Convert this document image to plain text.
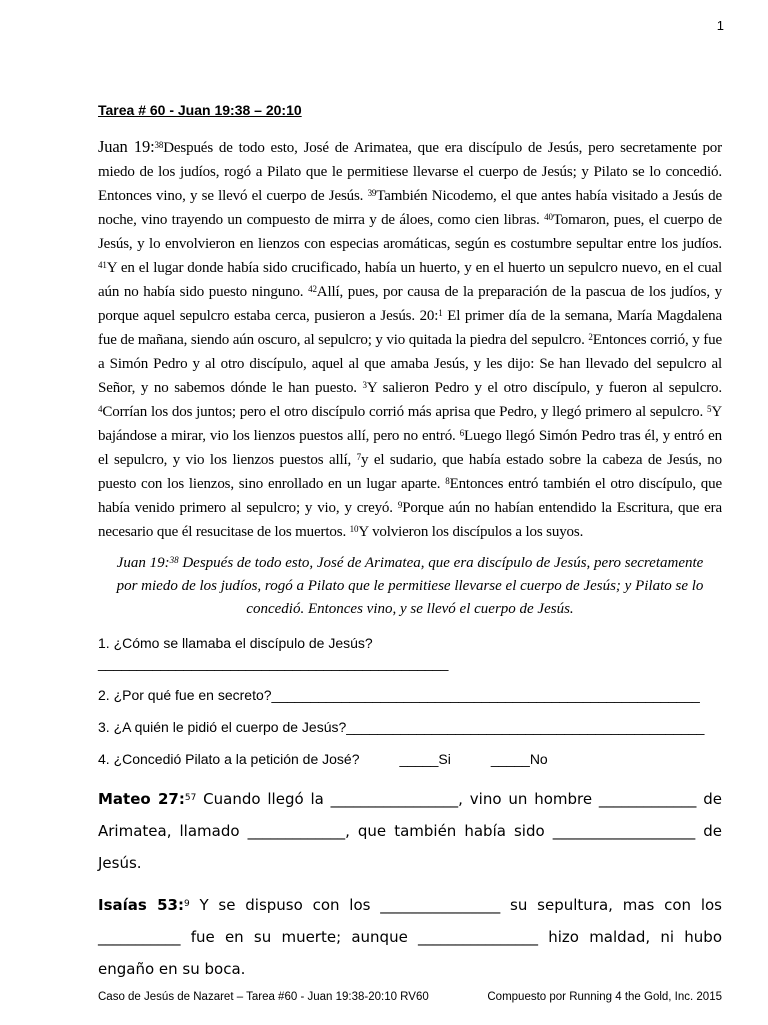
1
Tarea # 60 - Juan 19:38 – 20:10
Juan 19:$^{38}$Después de todo esto, José de Arimatea, que era discípulo de Jesús, pero secretamente por miedo de los judíos, rogó a Pilato que le permitiese llevarse el cuerpo de Jesús; y Pilato se lo concedió. Entonces vino, y se llevó el cuerpo de Jesús. $^{39}$También Nicodemo, el que antes había visitado a Jesús de noche, vino trayendo un compuesto de mirra y de áloes, como cien libras. $^{40}$Tomaron, pues, el cuerpo de Jesús, y lo envolvieron en lienzos con especias aromáticas, según es costumbre sepultar entre los judíos. $^{41}$Y en el lugar donde había sido crucificado, había un huerto, y en el huerto un sepulcro nuevo, en el cual aún no había sido puesto ninguno. $^{42}$Allí, pues, por causa de la preparación de la pascua de los judíos, y porque aquel sepulcro estaba cerca, pusieron a Jesús. 20:$^1$ El primer día de la semana, María Magdalena fue de mañana, siendo aún oscuro, al sepulcro; y vio quitada la piedra del sepulcro. $^2$Entonces corrió, y fue a Simón Pedro y al otro discípulo, aquel al que amaba Jesús, y les dijo: Se han llevado del sepulcro al Señor, y no sabemos dónde le han puesto. $^3$Y salieron Pedro y el otro discípulo, y fueron al sepulcro. $^4$Corrían los dos juntos; pero el otro discípulo corrió más aprisa que Pedro, y llegó primero al sepulcro. $^5$Y bajándose a mirar, vio los lienzos puestos allí, pero no entró. $^6$Luego llegó Simón Pedro tras él, y entró en el sepulcro, y vio los lienzos puestos allí, $^7$y el sudario, que había estado sobre la cabeza de Jesús, no puesto con los lienzos, sino enrollado en un lugar aparte. $^8$Entonces entró también el otro discípulo, que había venido primero al sepulcro; y vio, y creyó. $^9$Porque aún no habían entendido la Escritura, que era necesario que él resucitase de los muertos. $^{10}$Y volvieron los discípulos a los suyos.
Juan 19:$^{38}$ Después de todo esto, José de Arimatea, que era discípulo de Jesús, pero secretamente por miedo de los judíos, rogó a Pilato que le permitiese llevarse el cuerpo de Jesús; y Pilato se lo concedió. Entonces vino, y se llevó el cuerpo de Jesús.
1. ¿Cómo se llamaba el discípulo de Jesús?_____________________________________________
2. ¿Por qué fue en secreto?_______________________________________________________
3. ¿A quién le pidió el cuerpo de Jesús?______________________________________________
4. ¿Concedió Pilato a la petición de José?	_____Si	_____No
Mateo 27:$^{57}$ Cuando llegó la _________________, vino un hombre _____________ de Arimatea, llamado _____________, que también había sido ___________________ de Jesús.
Isaías 53:$^9$ Y se dispuso con los ________________ su sepultura, mas con los ___________ fue en su muerte; aunque ________________ hizo maldad, ni hubo engaño en su boca.
Caso de Jesús de Nazaret – Tarea #60 - Juan 19:38-20:10 RV60	Compuesto por Running 4 the Gold, Inc. 2015
